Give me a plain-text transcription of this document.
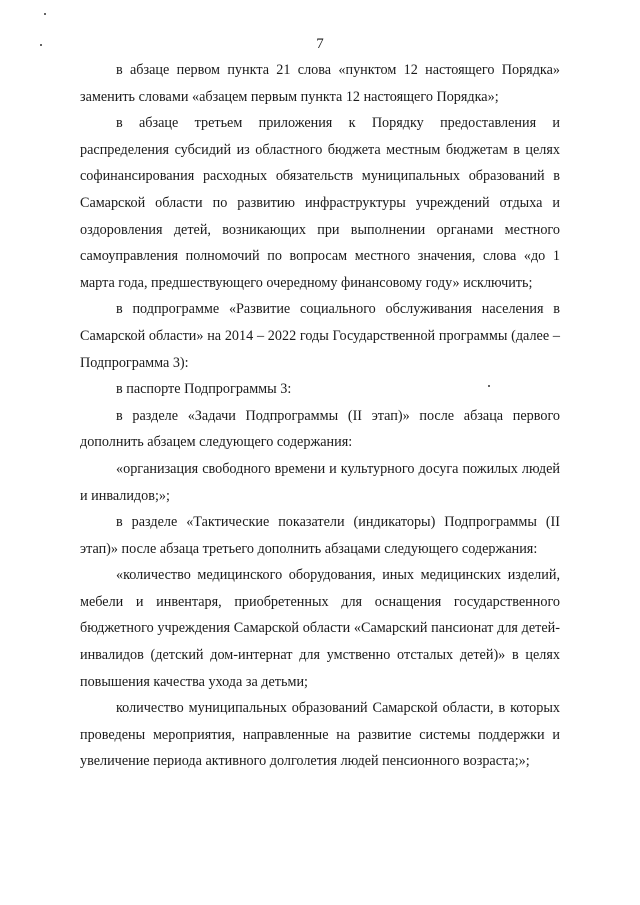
7

в абзаце первом пункта 21 слова «пунктом 12 настоящего Порядка» заменить словами «абзацем первым пункта 12 настоящего Порядка»;

в абзаце третьем приложения к Порядку предоставления и распределения субсидий из областного бюджета местным бюджетам в целях софинансирования расходных обязательств муниципальных образований в Самарской области по развитию инфраструктуры учреждений отдыха и оздоровления детей, возникающих при выполнении органами местного самоуправления полномочий по вопросам местного значения, слова «до 1 марта года, предшествующего очередному финансовому году» исключить;

в подпрограмме «Развитие социального обслуживания населения в Самарской области» на 2014 – 2022 годы Государственной программы (далее – Подпрограмма 3):

в паспорте Подпрограммы 3:

в разделе «Задачи Подпрограммы (II этап)» после абзаца первого дополнить абзацем следующего содержания:

«организация свободного времени и культурного досуга пожилых людей и инвалидов;»;

в разделе «Тактические показатели (индикаторы) Подпрограммы (II этап)» после абзаца третьего дополнить абзацами следующего содержания:

«количество медицинского оборудования, иных медицинских изделий, мебели и инвентаря, приобретенных для оснащения государственного бюджетного учреждения Самарской области «Самарский пансионат для детей-инвалидов (детский дом-интернат для умственно отсталых детей)» в целях повышения качества ухода за детьми;

количество муниципальных образований Самарской области, в которых проведены мероприятия, направленные на развитие системы поддержки и увеличение периода активного долголетия людей пенсионного возраста;»;
